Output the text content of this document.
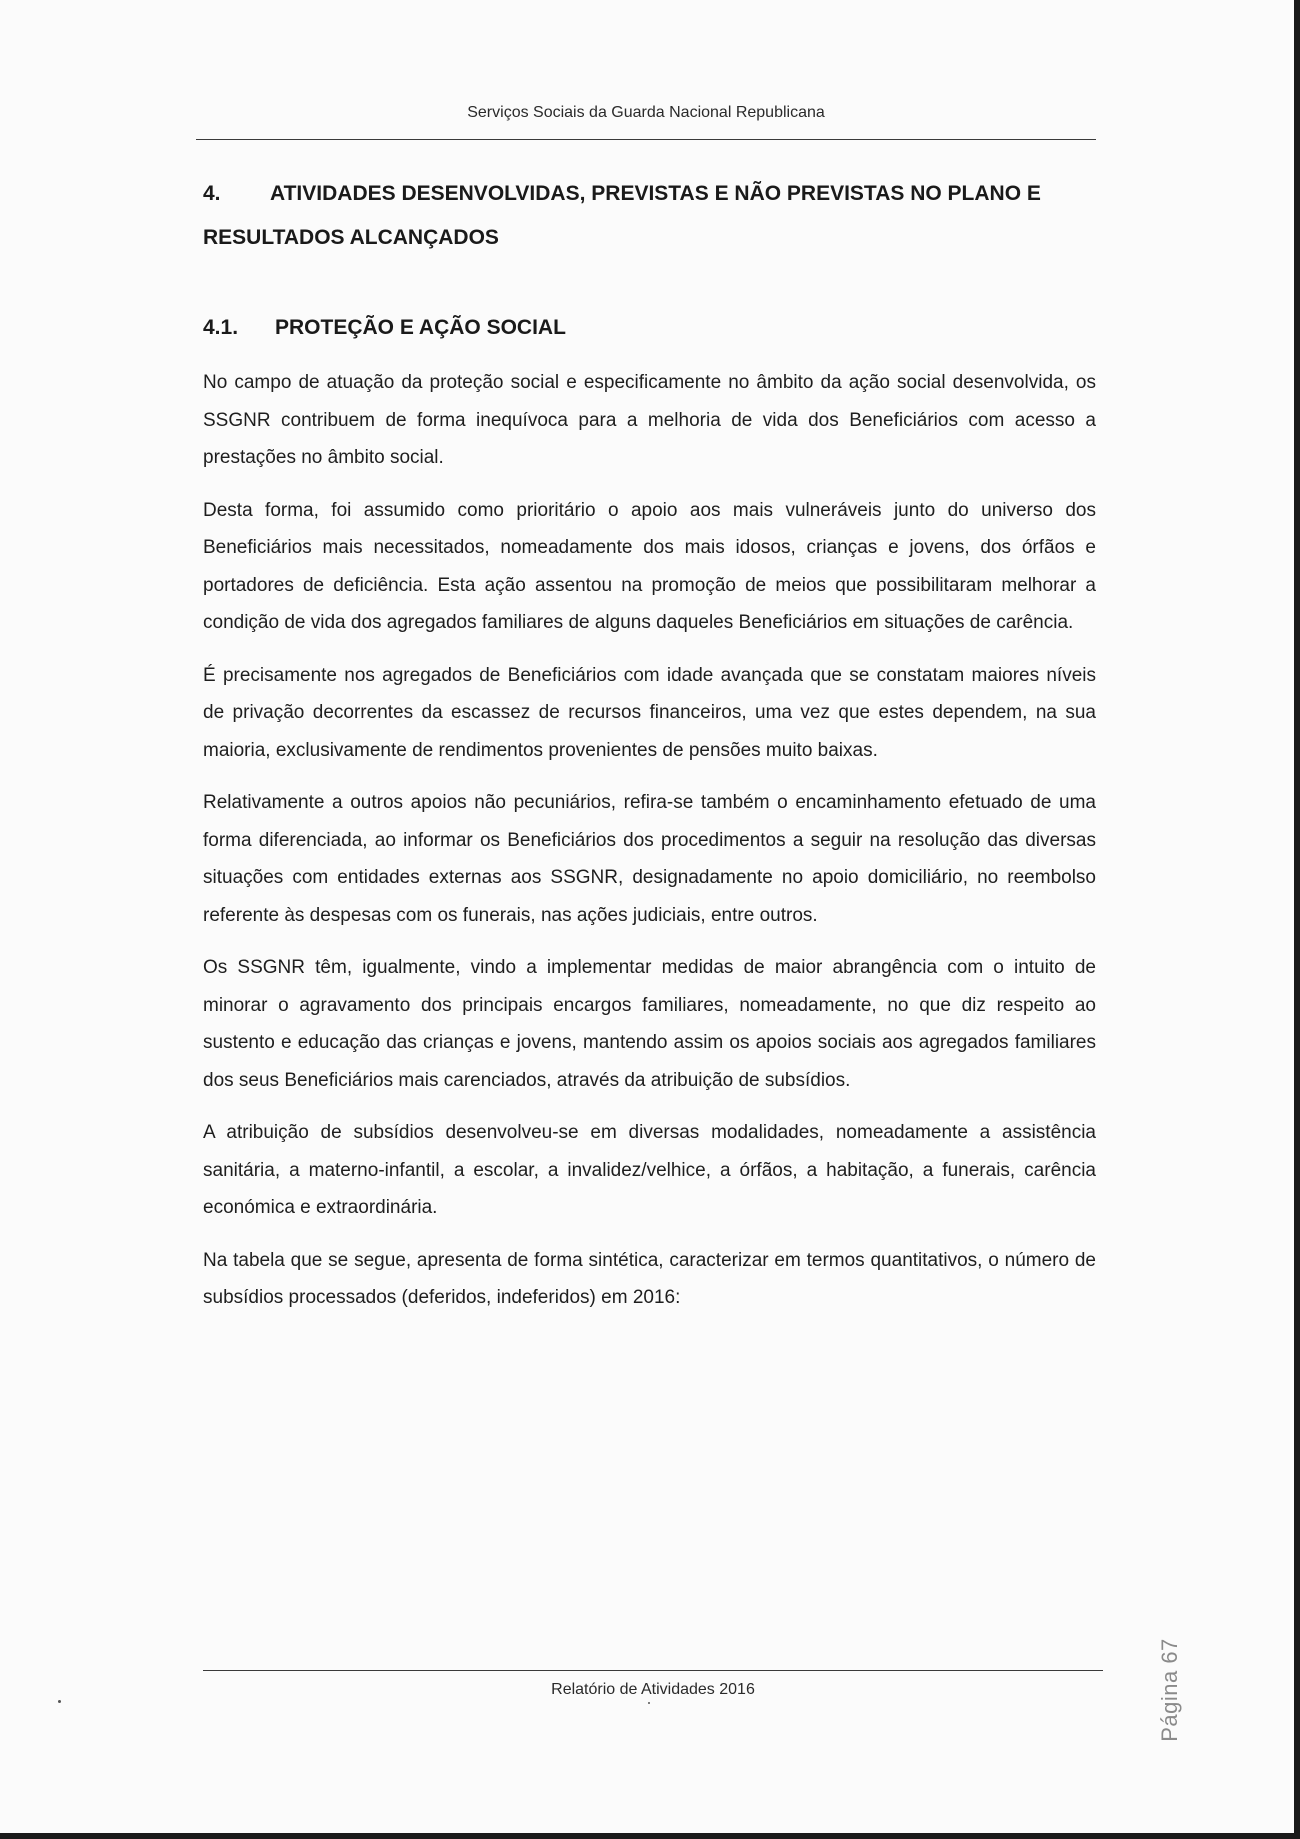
Serviços Sociais da Guarda Nacional Republicana
4. ATIVIDADES DESENVOLVIDAS, PREVISTAS E NÃO PREVISTAS NO PLANO E RESULTADOS ALCANÇADOS
4.1. PROTEÇÃO E AÇÃO SOCIAL

No campo de atuação da proteção social e especificamente no âmbito da ação social desenvolvida, os SSGNR contribuem de forma inequívoca para a melhoria de vida dos Beneficiários com acesso a prestações no âmbito social.

Desta forma, foi assumido como prioritário o apoio aos mais vulneráveis junto do universo dos Beneficiários mais necessitados, nomeadamente dos mais idosos, crianças e jovens, dos órfãos e portadores de deficiência. Esta ação assentou na promoção de meios que possibilitaram melhorar a condição de vida dos agregados familiares de alguns daqueles Beneficiários em situações de carência.

É precisamente nos agregados de Beneficiários com idade avançada que se constatam maiores níveis de privação decorrentes da escassez de recursos financeiros, uma vez que estes dependem, na sua maioria, exclusivamente de rendimentos provenientes de pensões muito baixas.

Relativamente a outros apoios não pecuniários, refira-se também o encaminhamento efetuado de uma forma diferenciada, ao informar os Beneficiários dos procedimentos a seguir na resolução das diversas situações com entidades externas aos SSGNR, designadamente no apoio domiciliário, no reembolso referente às despesas com os funerais, nas ações judiciais, entre outros.

Os SSGNR têm, igualmente, vindo a implementar medidas de maior abrangência com o intuito de minorar o agravamento dos principais encargos familiares, nomeadamente, no que diz respeito ao sustento e educação das crianças e jovens, mantendo assim os apoios sociais aos agregados familiares dos seus Beneficiários mais carenciados, através da atribuição de subsídios.

A atribuição de subsídios desenvolveu-se em diversas modalidades, nomeadamente a assistência sanitária, a materno-infantil, a escolar, a invalidez/velhice, a órfãos, a habitação, a funerais, carência económica e extraordinária.

Na tabela que se segue, apresenta de forma sintética, caracterizar em termos quantitativos, o número de subsídios processados (deferidos, indeferidos) em 2016:

Página 67
Relatório de Atividades 2016
